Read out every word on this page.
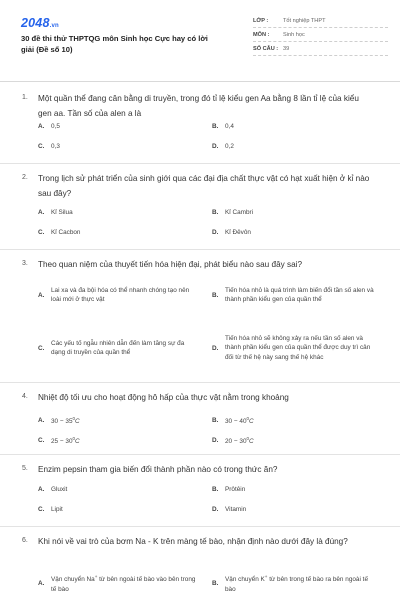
2048.vn
30 đề thi thử THPTQG môn Sinh học Cực hay có lời giải (Đề số 10)
LỚP :	Tốt nghiệp THPT
MÔN :	Sinh học
SỐ CÂU : 39
1. Một quần thể đang cân bằng di truyền, trong đó tỉ lệ kiểu gen Aa bằng 8 lần tỉ lệ của kiểu gen aa. Tần số của alen a là
A.	0,5	B.	0,4
C.	0,3	D.	0,2
2. Trong lịch sử phát triển của sinh giới qua các đại địa chất thực vật có hạt xuất hiện ở kỉ nào sau đây?
A.	Kỉ Silua	B.	Kỉ Cambri
C.	Kỉ Cacbon	D.	Kỉ Đêvôn
3. Theo quan niệm của thuyết tiến hóa hiện đại, phát biểu nào sau đây sai?
A.
Lai xa và đa bội hóa có thể nhanh chóng tạo nên loài mới ở thực vật
B.
Tiến hóa nhỏ là quá trình làm biến đổi tần số alen và thành phần kiểu gen của quần thể
C.
Các yếu tố ngẫu nhiên dẫn đến làm tăng sự đa dạng di truyền của quần thể
D.
Tiến hóa nhỏ sẽ không xảy ra nếu tần số alen và thành phần kiểu gen của quần thể được duy trì cân đối từ thế hệ này sang thế hệ khác
4. Nhiệt độ tối ưu cho hoạt động hô hấp của thực vật nằm trong khoảng
A.	$30 - 35^0C$	B.	$30 - 40^0C$
C.	$25 - 30^0C$	D.	$20 - 30^0C$
5. Enzim pepsin tham gia biến đổi thành phần nào có trong thức ăn?
A.	Gluxit	B.	Prôtêin
C.	Lipit	D.	Vitamin
6. Khi nói về vai trò của bơm Na - K trên màng tế bào, nhận định nào dưới đây là đúng?
A.	Vận chuyển Na+ từ bên ngoài tế bào vào bên trong tế bào
B.	Vận chuyển K+ từ bên trong tế bào ra bên ngoài tế bào
